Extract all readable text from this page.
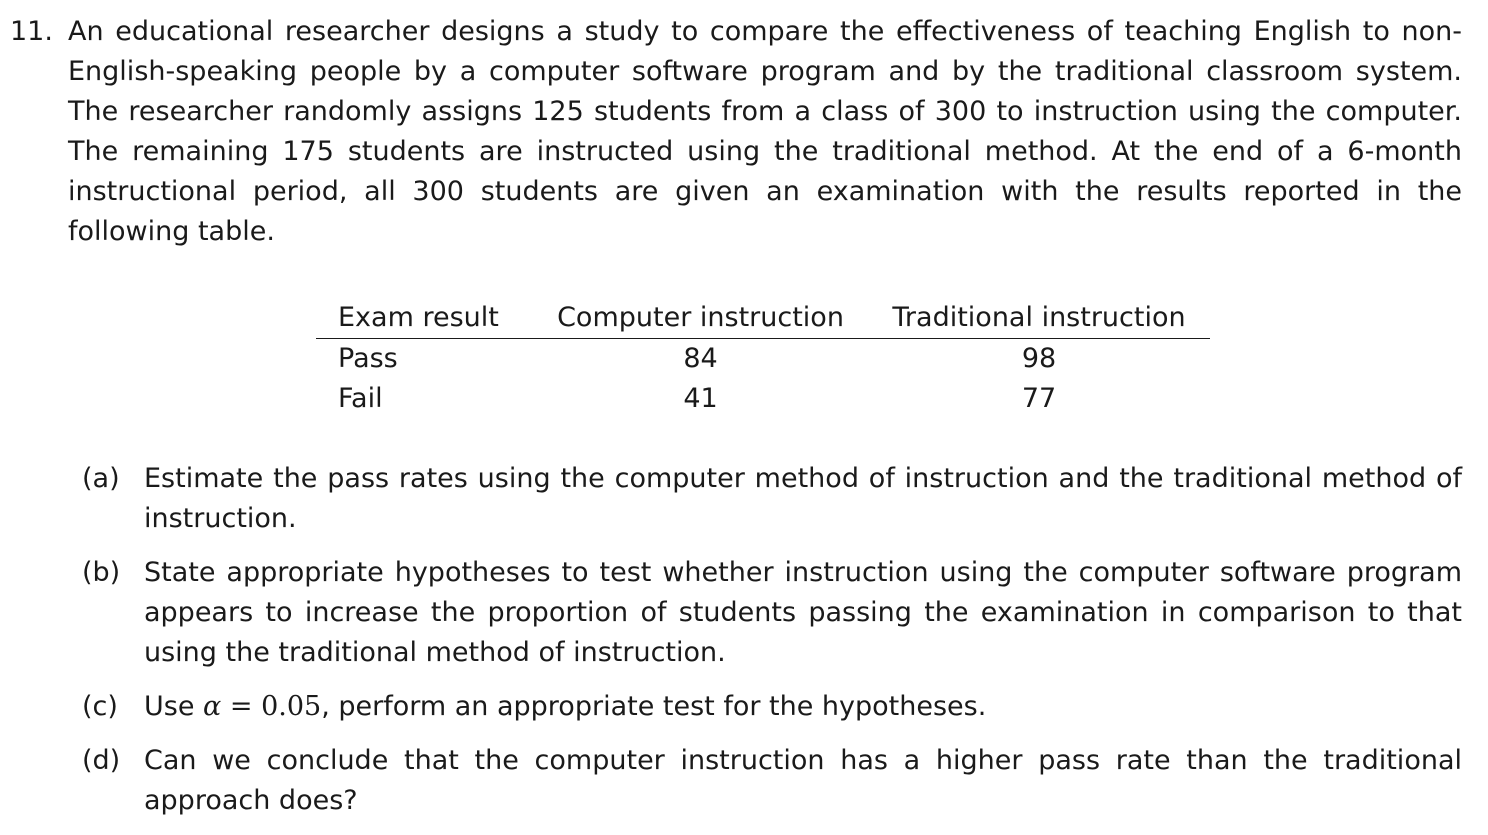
11. An educational researcher designs a study to compare the effectiveness of teaching English to non-English-speaking people by a computer software program and by the traditional classroom system. The researcher randomly assigns 125 students from a class of 300 to instruction using the computer. The remaining 175 students are instructed using the traditional method. At the end of a 6-month instructional period, all 300 students are given an examination with the results reported in the following table.

Exam result	Computer instruction	Traditional instruction
Pass	84	98
Fail	41	77
(a) Estimate the pass rates using the computer method of instruction and the traditional method of instruction.
(b) State appropriate hypotheses to test whether instruction using the computer software program appears to increase the proportion of students passing the examination in comparison to that using the traditional method of instruction.
(c) Use α = 0.05, perform an appropriate test for the hypotheses.
(d) Can we conclude that the computer instruction has a higher pass rate than the traditional approach does?
